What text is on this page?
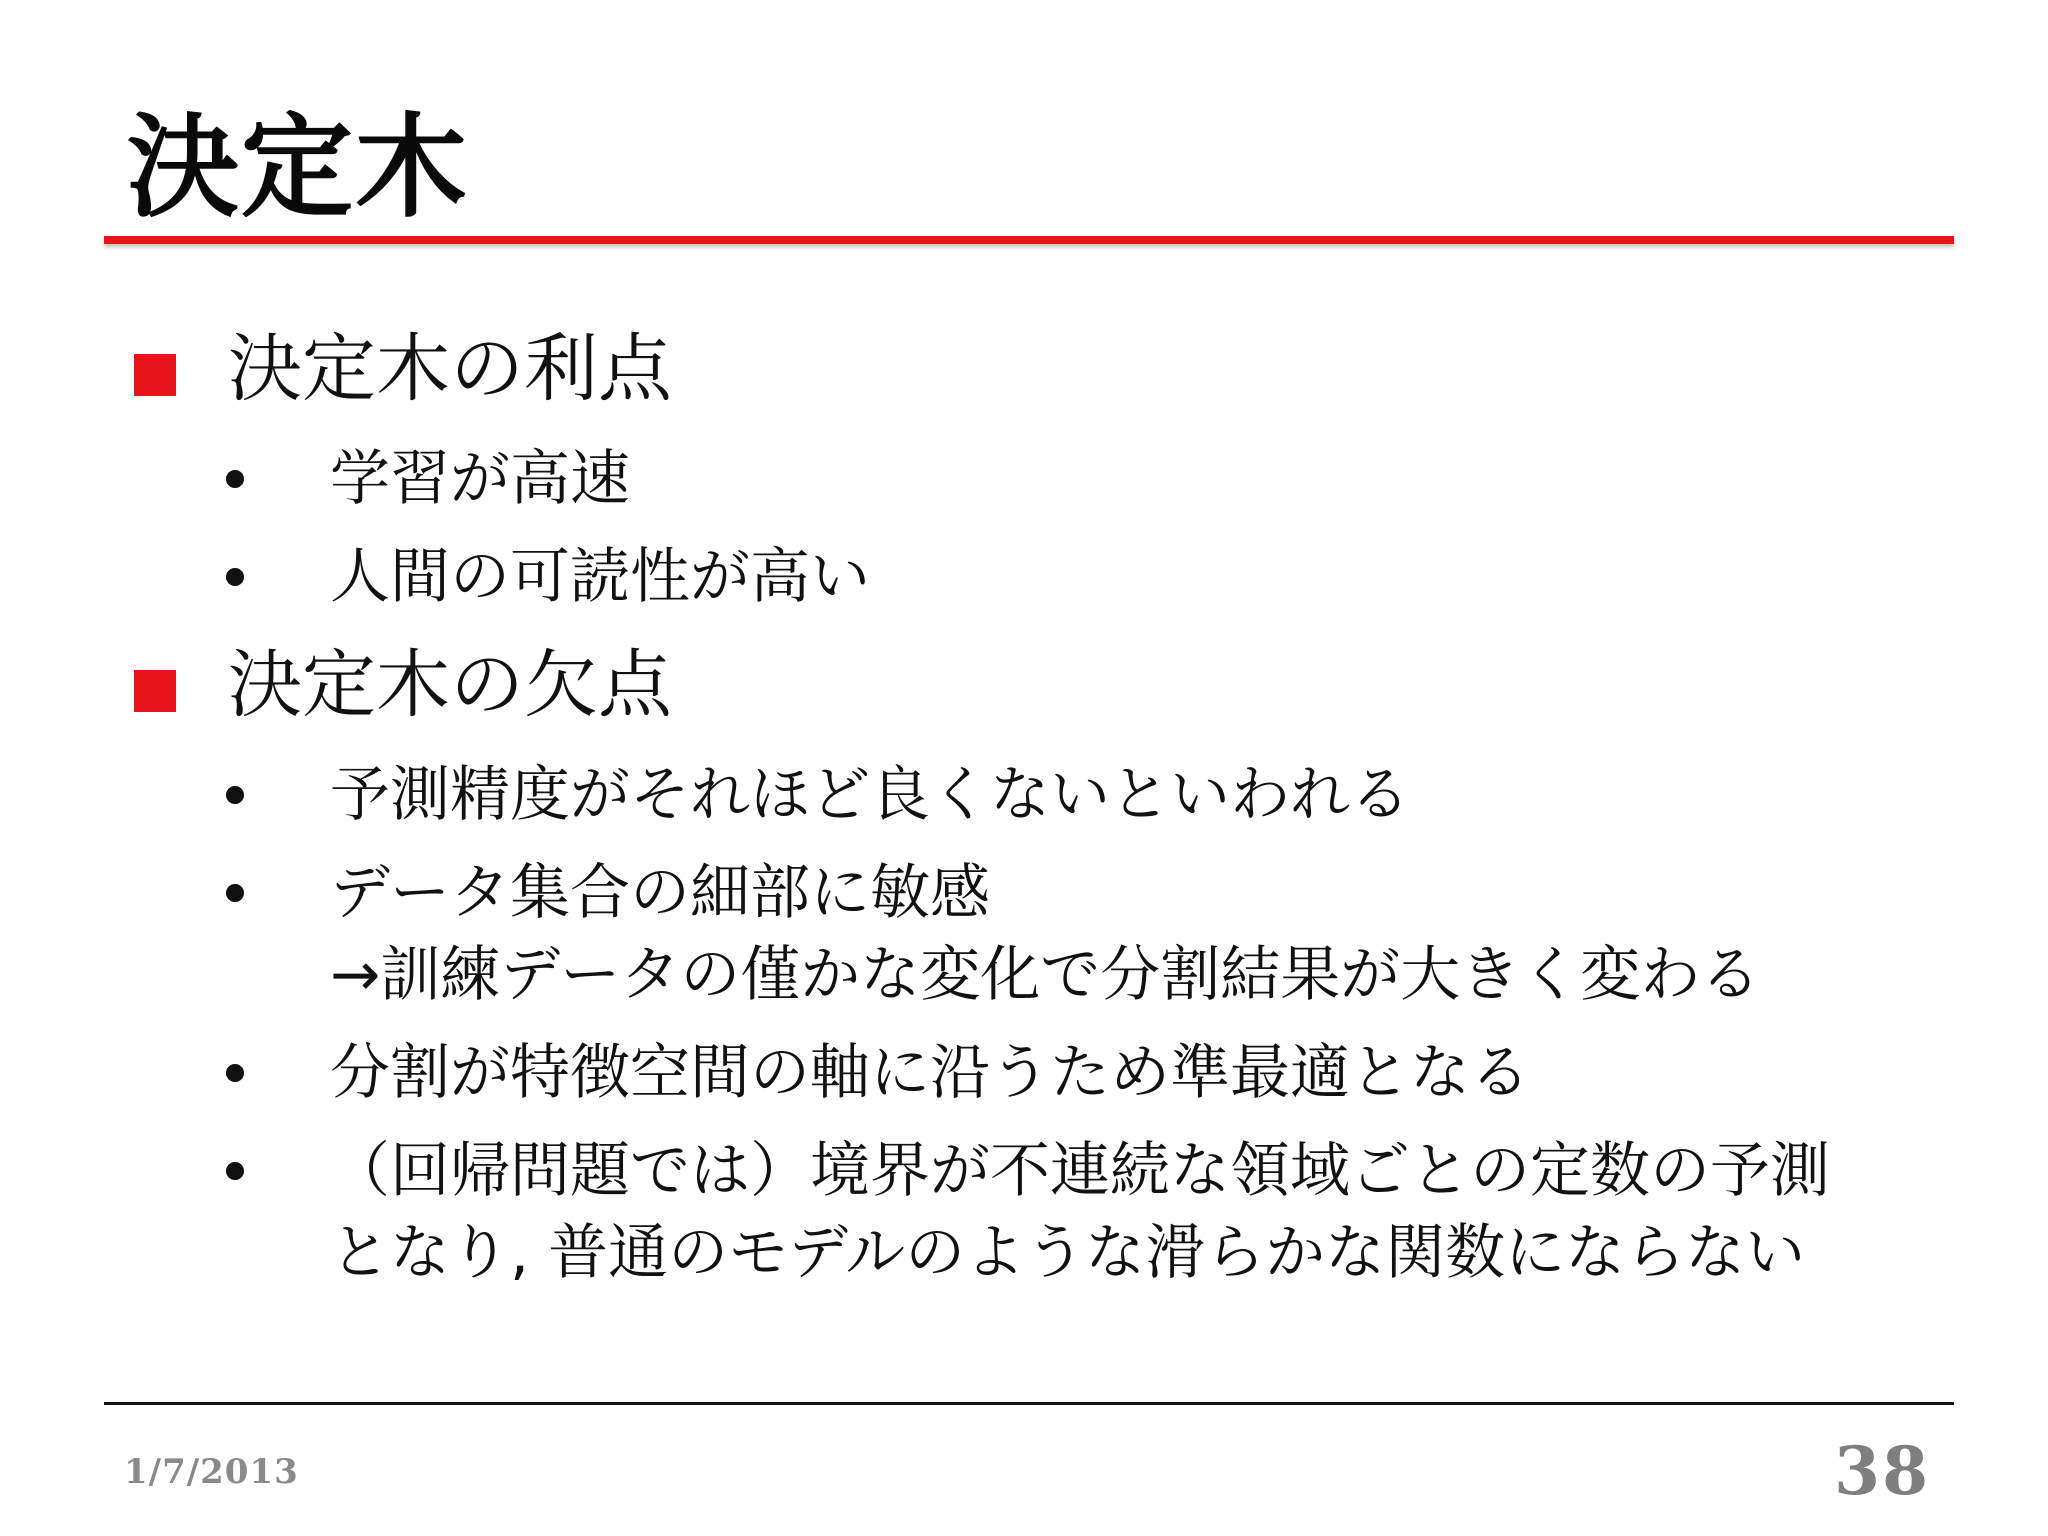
決定木
決定木の利点
学習が高速
人間の可読性が高い
決定木の欠点
予測精度がそれほど良くないといわれる
データ集合の細部に敏感
→訓練データの僅かな変化で分割結果が大きく変わる
分割が特徴空間の軸に沿うため準最適となる
（回帰問題では）境界が不連続な領域ごとの定数の予測
となり, 普通のモデルのような滑らかな関数にならない
1/7/2013	38
